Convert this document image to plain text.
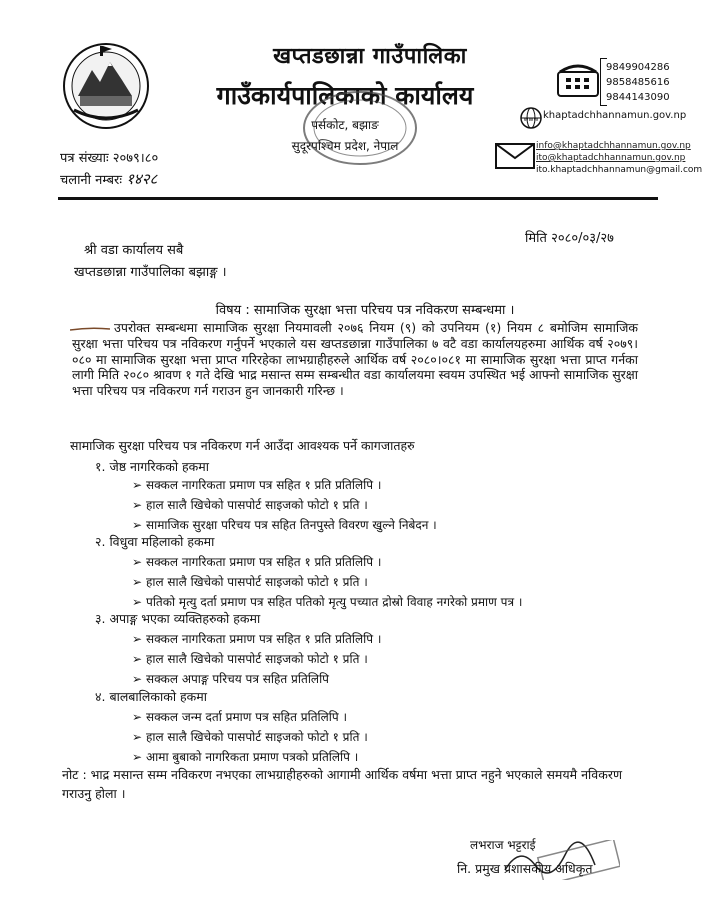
खप्तडछान्ना गाउँपालिका
गाउँकार्यपालिकाको कार्यालय
पर्सकोट, बझाङ
सुदूरपश्चिम प्रदेश, नेपाल
9849904286
9858485616
9844143090
www khaptadchhannamun.gov.np
info@khaptadchhannamun.gov.np
ito@khaptadchhannamun.gov.np
ito.khaptadchhannamun@gmail.com
पत्र संख्याः २०७९।८०
चलानी नम्बरः १४२८
मिति २०८०/०३/२७
श्री वडा कार्यालय सबै
खप्तडछान्ना गाउँपालिका बझाङ्ग ।
विषय : सामाजिक सुरक्षा भत्ता परिचय पत्र नविकरण सम्बन्धमा ।
उपरोक्त सम्बन्धमा सामाजिक सुरक्षा नियमावली २०७६ नियम (९) को उपनियम (१) नियम ८ बमोजिम सामाजिक सुरक्षा भत्ता परिचय पत्र नविकरण गर्नुपर्ने भएकाले यस खप्तडछान्ना गाउँपालिका ७ वटै वडा कार्यालयहरुमा आर्थिक वर्ष २०७९।०८० मा सामाजिक सुरक्षा भत्ता प्राप्त गरिरहेका लाभग्राहीहरुले आर्थिक वर्ष २०८०।०८१ मा सामाजिक सुरक्षा भत्ता प्राप्त गर्नका लागी मिति २०८० श्रावण १ गते देखि भाद्र मसान्त सम्म सम्बन्धीत वडा कार्यालयमा स्वयम उपस्थित भई आफ्नो सामाजिक सुरक्षा भत्ता परिचय पत्र नविकरण गर्न गराउन हुन जानकारी गरिन्छ ।
सामाजिक सुरक्षा परिचय पत्र नविकरण गर्न आउँदा आवश्यक पर्ने कागजातहरु
१. जेष्ठ नागरिकको हकमा
➢ सक्कल नागरिकता प्रमाण पत्र सहित १ प्रति प्रतिलिपि ।
➢ हाल सालै खिचेको पासपोर्ट साइजको फोटो १ प्रति ।
➢ सामाजिक सुरक्षा परिचय पत्र सहित तिनपुस्ते विवरण खुल्ने निबेदन ।
२. विधुवा महिलाको हकमा
➢ सक्कल नागरिकता प्रमाण पत्र सहित १ प्रति प्रतिलिपि ।
➢ हाल सालै खिचेको पासपोर्ट साइजको फोटो १ प्रति ।
➢ पतिको मृत्यु दर्ता प्रमाण पत्र सहित पतिको मृत्यु पच्यात द्रोस्रो विवाह नगरेको प्रमाण पत्र ।
३. अपाङ्ग भएका व्यक्तिहरुको हकमा
➢ सक्कल नागरिकता प्रमाण पत्र सहित १ प्रति प्रतिलिपि ।
➢ हाल सालै खिचेको पासपोर्ट साइजको फोटो १ प्रति ।
➢ सक्कल अपाङ्ग परिचय पत्र सहित प्रतिलिपि
४. बालबालिकाको हकमा
➢ सक्कल जन्म दर्ता प्रमाण पत्र सहित प्रतिलिपि ।
➢ हाल सालै खिचेको पासपोर्ट साइजको फोटो १ प्रति ।
➢ आमा बुबाको नागरिकता प्रमाण पत्रको प्रतिलिपि ।
नोट : भाद्र मसान्त सम्म नविकरण नभएका लाभग्राहीहरुको आगामी आर्थिक वर्षमा भत्ता प्राप्त नहुने भएकाले समयमै नविकरण गराउनु होला ।
लभराज भट्टराई
नि. प्रमुख प्रशासकीय अधिकृत
